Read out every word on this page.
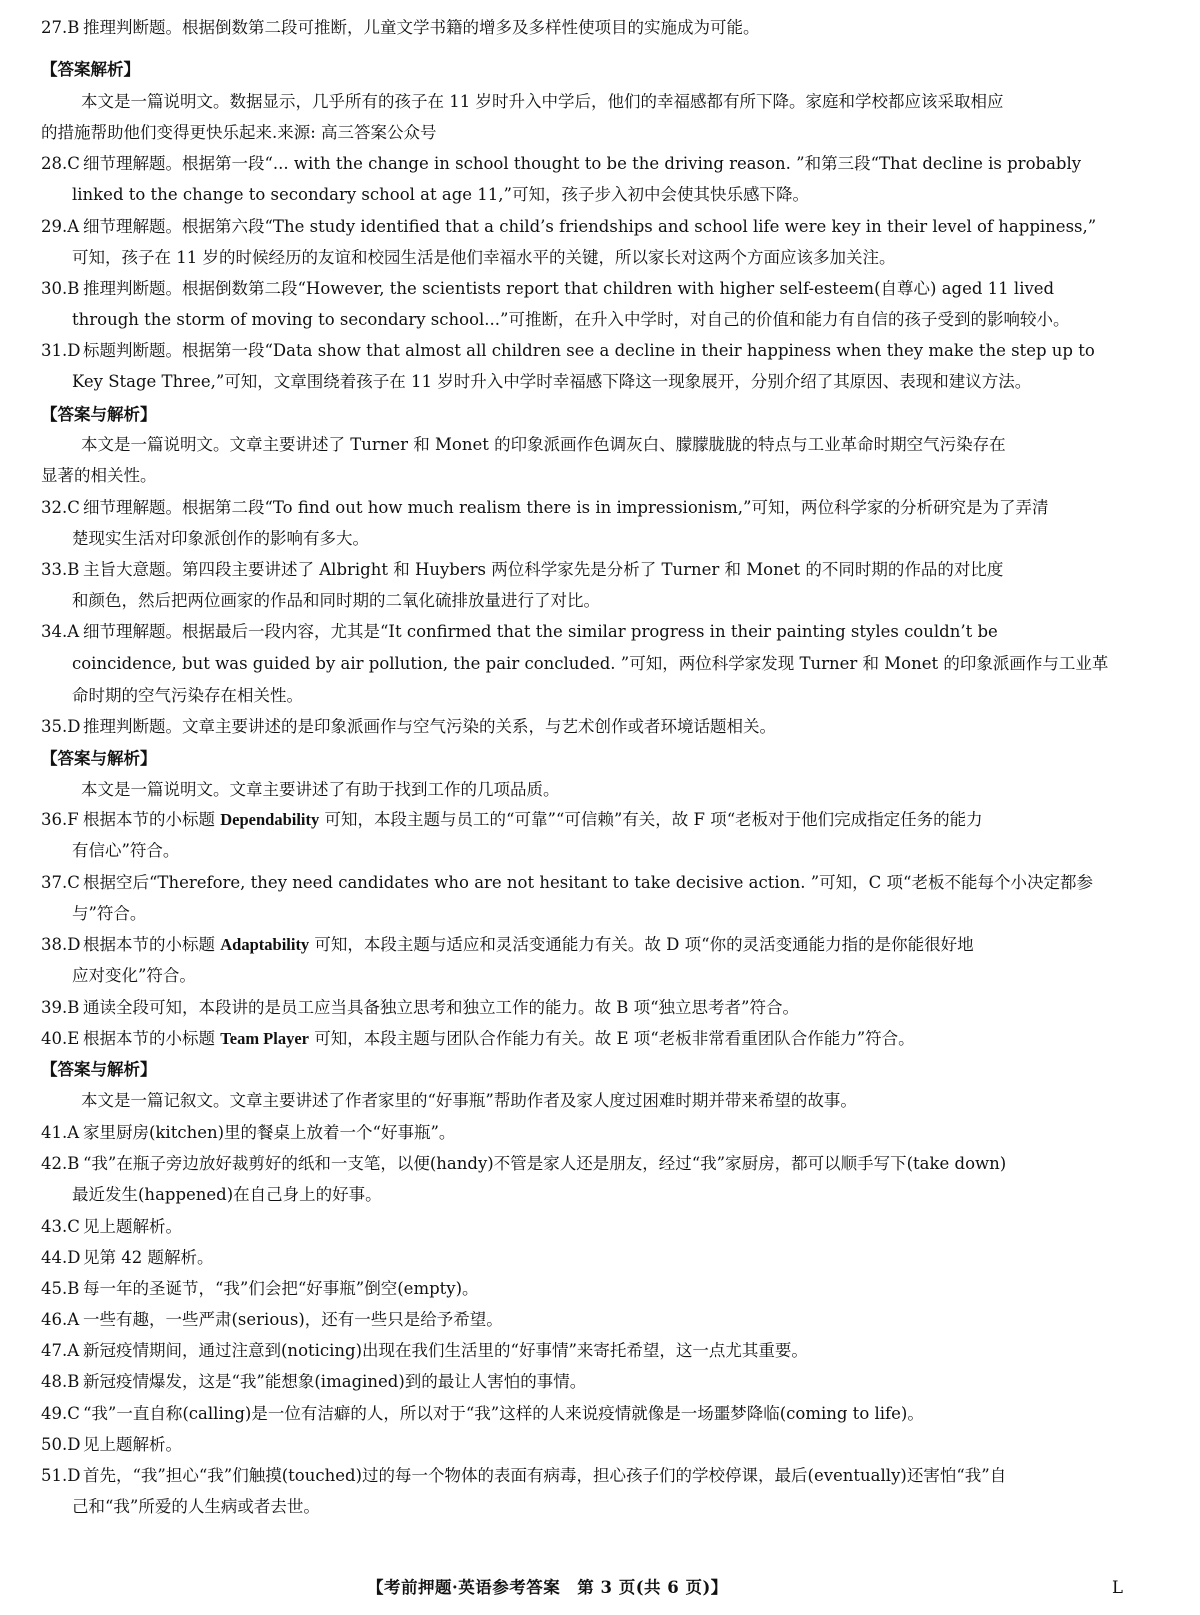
27.B 推理判断题。根据倒数第二段可推断，儿童文学书籍的增多及多样性使项目的实施成为可能。
【答案解析】
本文是一篇说明文。数据显示，几乎所有的孩子在 11 岁时升入中学后，他们的幸福感都有所下降。家庭和学校都应该采取相应
的措施帮助他们变得更快乐起来.来源: 高三答案公众号
28.C 细节理解题。根据第一段“... with the change in school thought to be the driving reason. ”和第三段“That decline is probably
linked to the change to secondary school at age 11,”可知，孩子步入初中会使其快乐感下降。
29.A 细节理解题。根据第六段“The study identified that a child’s friendships and school life were key in their level of happiness,”
可知，孩子在 11 岁的时候经历的友谊和校园生活是他们幸福水平的关键，所以家长对这两个方面应该多加关注。
30.B 推理判断题。根据倒数第二段“However, the scientists report that children with higher self-esteem(自尊心) aged 11 lived
through the storm of moving to secondary school...”可推断，在升入中学时，对自己的价值和能力有自信的孩子受到的影响较小。
31.D 标题判断题。根据第一段“Data show that almost all children see a decline in their happiness when they make the step up to
Key Stage Three,”可知，文章围绕着孩子在 11 岁时升入中学时幸福感下降这一现象展开，分别介绍了其原因、表现和建议方法。
【答案与解析】
本文是一篇说明文。文章主要讲述了 Turner 和 Monet 的印象派画作色调灰白、朦朦胧胧的特点与工业革命时期空气污染存在
显著的相关性。
32.C 细节理解题。根据第二段“To find out how much realism there is in impressionism,”可知，两位科学家的分析研究是为了弄清
楚现实生活对印象派创作的影响有多大。
33.B 主旨大意题。第四段主要讲述了 Albright 和 Huybers 两位科学家先是分析了 Turner 和 Monet 的不同时期的作品的对比度
和颜色，然后把两位画家的作品和同时期的二氧化硫排放量进行了对比。
34.A 细节理解题。根据最后一段内容，尤其是“It confirmed that the similar progress in their painting styles couldn’t be
coincidence, but was guided by air pollution, the pair concluded. ”可知，两位科学家发现 Turner 和 Monet 的印象派画作与工业革
命时期的空气污染存在相关性。
35.D 推理判断题。文章主要讲述的是印象派画作与空气污染的关系，与艺术创作或者环境话题相关。
【答案与解析】
本文是一篇说明文。文章主要讲述了有助于找到工作的几项品质。
36.F 根据本节的小标题 Dependability 可知，本段主题与员工的“可靠”“可信赖”有关，故 F 项“老板对于他们完成指定任务的能力
有信心”符合。
37.C 根据空后“Therefore, they need candidates who are not hesitant to take decisive action. ”可知，C 项“老板不能每个小决定都参
与”符合。
38.D 根据本节的小标题 Adaptability 可知，本段主题与适应和灵活变通能力有关。故 D 项“你的灵活变通能力指的是你能很好地
应对变化”符合。
39.B 通读全段可知，本段讲的是员工应当具备独立思考和独立工作的能力。故 B 项“独立思考者”符合。
40.E 根据本节的小标题 Team Player 可知，本段主题与团队合作能力有关。故 E 项“老板非常看重团队合作能力”符合。
【答案与解析】
本文是一篇记叙文。文章主要讲述了作者家里的“好事瓶”帮助作者及家人度过困难时期并带来希望的故事。
41.A 家里厨房(kitchen)里的餐桌上放着一个“好事瓶”。
42.B “我”在瓶子旁边放好裁剪好的纸和一支笔，以便(handy)不管是家人还是朋友，经过“我”家厨房，都可以顺手写下(take down)
最近发生(happened)在自己身上的好事。
43.C 见上题解析。
44.D 见第 42 题解析。
45.B 每一年的圣诞节，“我”们会把“好事瓶”倒空(empty)。
46.A 一些有趣，一些严肃(serious)，还有一些只是给予希望。
47.A 新冠疫情期间，通过注意到(noticing)出现在我们生活里的“好事情”来寄托希望，这一点尤其重要。
48.B 新冠疫情爆发，这是“我”能想象(imagined)到的最让人害怕的事情。
49.C “我”一直自称(calling)是一位有洁癖的人，所以对于“我”这样的人来说疫情就像是一场噩梦降临(coming to life)。
50.D 见上题解析。
51.D 首先，“我”担心“我”们触摸(touched)过的每一个物体的表面有病毒，担心孩子们的学校停课，最后(eventually)还害怕“我”自
己和“我”所爱的人生病或者去世。
【考前押题·英语参考答案　第 3 页(共 6 页)】	L
